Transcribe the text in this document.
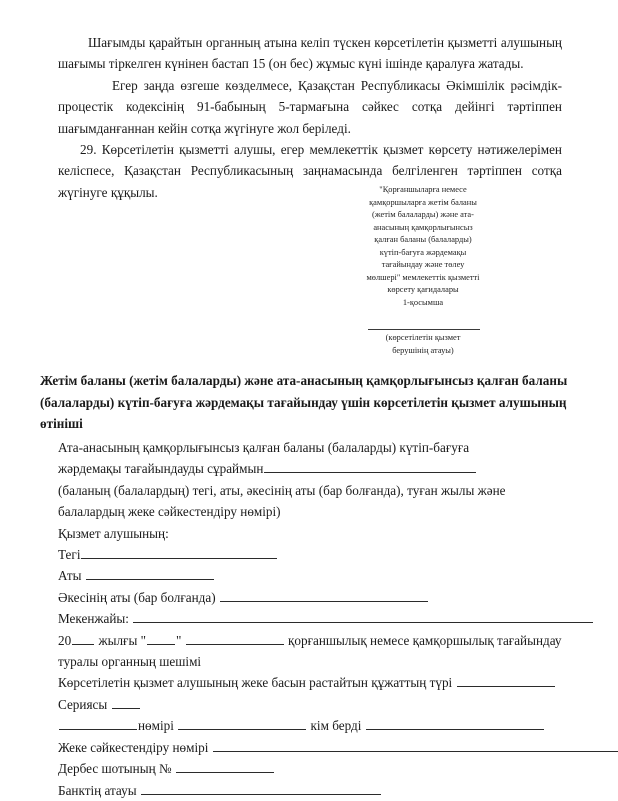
Шағымды қарайтын органның атына келіп түскен көрсетілетін қызметті алушының шағымы тіркелген күнінен бастап 15 (он бес) жұмыс күні ішінде қаралуға жатады.

Егер заңда өзгеше көзделмесе, Қазақстан Республикасы Әкімшілік рәсімдік-процестік кодексінің 91-бабының 5-тармағына сәйкес сотқа дейінгі тәртіппен шағымданғаннан кейін сотқа жүгінуге жол беріледі.

29. Көрсетілетін қызметті алушы, егер мемлекеттік қызмет көрсету нәтижелерімен келіспесе, Қазақстан Республикасының заңнамасында белгіленген тәртіппен сотқа жүгінуге құқылы.	"Қорғаншыларға немесе
қамқоршыларға жетім баланы
(жетім балаларды) және ата-
анасының қамқорлығынсыз
қалған баланы (балаларды)
күтіп-бағуға жәрдемақы
тағайындау және төлеу
мөлшері" мемлекеттік қызметті
көрсету қағидалары
1-қосымша
(көрсетілетін қызмет
берушінің атауы)
Жетім баланы (жетім балаларды) және ата-анасының қамқорлығынсыз қалған баланы (балаларды) күтіп-бағуға жәрдемақы тағайындау үшін көрсетілетін қызмет алушының өтініші
Ата-анасының қамқорлығынсыз қалған баланы (балаларды) күтіп-бағуға
жәрдемақы тағайындауды сұраймын
(баланың (балалардың) тегі, аты, әкесінің аты (бар болғанда), туған жылы және балалардың жеке сәйкестендіру нөмірі)
Қызмет алушының:
Тегі
Аты
Әкесінің аты (бар болғанда)
Мекенжайы:
20 жылғы " "	қорғаншылық немесе қамқоршылық тағайындау туралы органның шешімі
Көрсетілетін қызмет алушының жеке басын растайтын құжаттың түрі
Сериясы
нөмірі	кім берді
Жеке сәйкестендіру нөмірі
Дербес шотының №
Банктің атауы
